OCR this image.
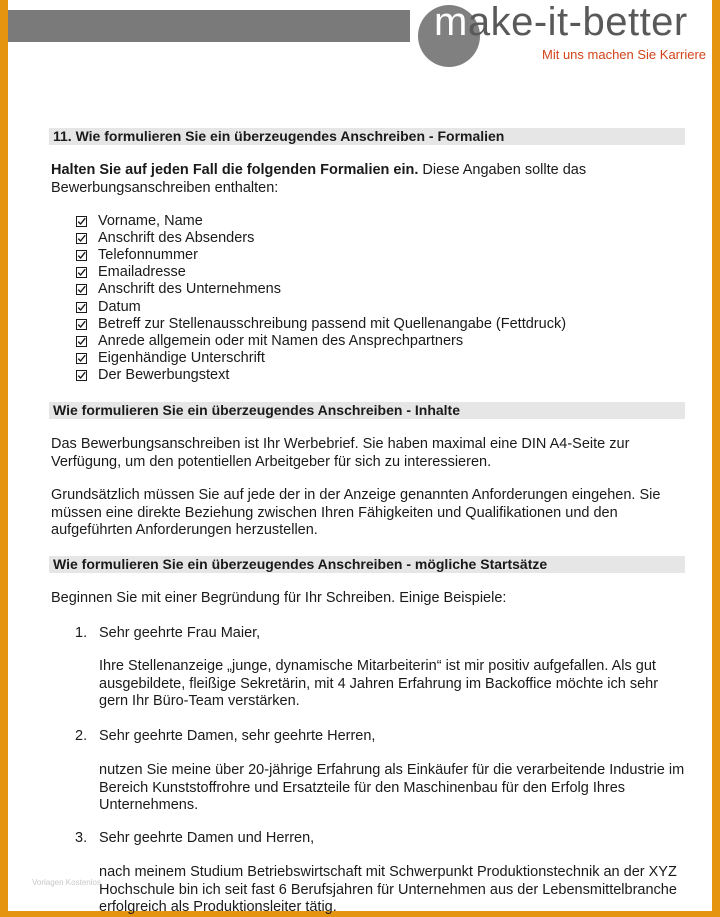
make-it-better
Mit uns machen Sie Karriere
11. Wie formulieren Sie ein überzeugendes Anschreiben - Formalien
Halten Sie auf jeden Fall die folgenden Formalien ein. Diese Angaben sollte das Bewerbungsanschreiben enthalten:
Vorname, Name
Anschrift des Absenders
Telefonnummer
Emailadresse
Anschrift des Unternehmens
Datum
Betreff zur Stellenausschreibung passend mit Quellenangabe (Fettdruck)
Anrede allgemein oder mit Namen des Ansprechpartners
Eigenhändige Unterschrift
Der Bewerbungstext
Wie formulieren Sie ein überzeugendes Anschreiben - Inhalte
Das Bewerbungsanschreiben ist Ihr Werbebrief. Sie haben maximal eine DIN A4-Seite zur Verfügung, um den potentiellen Arbeitgeber für sich zu interessieren.
Grundsätzlich müssen Sie auf jede der in der Anzeige genannten Anforderungen eingehen. Sie müssen eine direkte Beziehung zwischen Ihren Fähigkeiten und Qualifikationen und den aufgeführten Anforderungen herzustellen.
Wie formulieren Sie ein überzeugendes Anschreiben - mögliche Startsätze
Beginnen Sie mit einer Begründung für Ihr Schreiben. Einige Beispiele:
1. Sehr geehrte Frau Maier,
Ihre Stellenanzeige „junge, dynamische Mitarbeiterin“ ist mir positiv aufgefallen. Als gut ausgebildete, fleißige Sekretärin, mit 4 Jahren Erfahrung im Backoffice möchte ich sehr gern Ihr Büro-Team verstärken.
2. Sehr geehrte Damen, sehr geehrte Herren,
nutzen Sie meine über 20-jährige Erfahrung als Einkäufer für die verarbeitende Industrie im Bereich Kunststoffrohre und Ersatzteile für den Maschinenbau für den Erfolg Ihres Unternehmens.
3. Sehr geehrte Damen und Herren,
nach meinem Studium Betriebswirtschaft mit Schwerpunkt Produktionstechnik an der XYZ Hochschule bin ich seit fast 6 Berufsjahren für Unternehmen aus der Lebensmittelbranche erfolgreich als Produktionsleiter tätig.
Vorlagen Kostenlos
